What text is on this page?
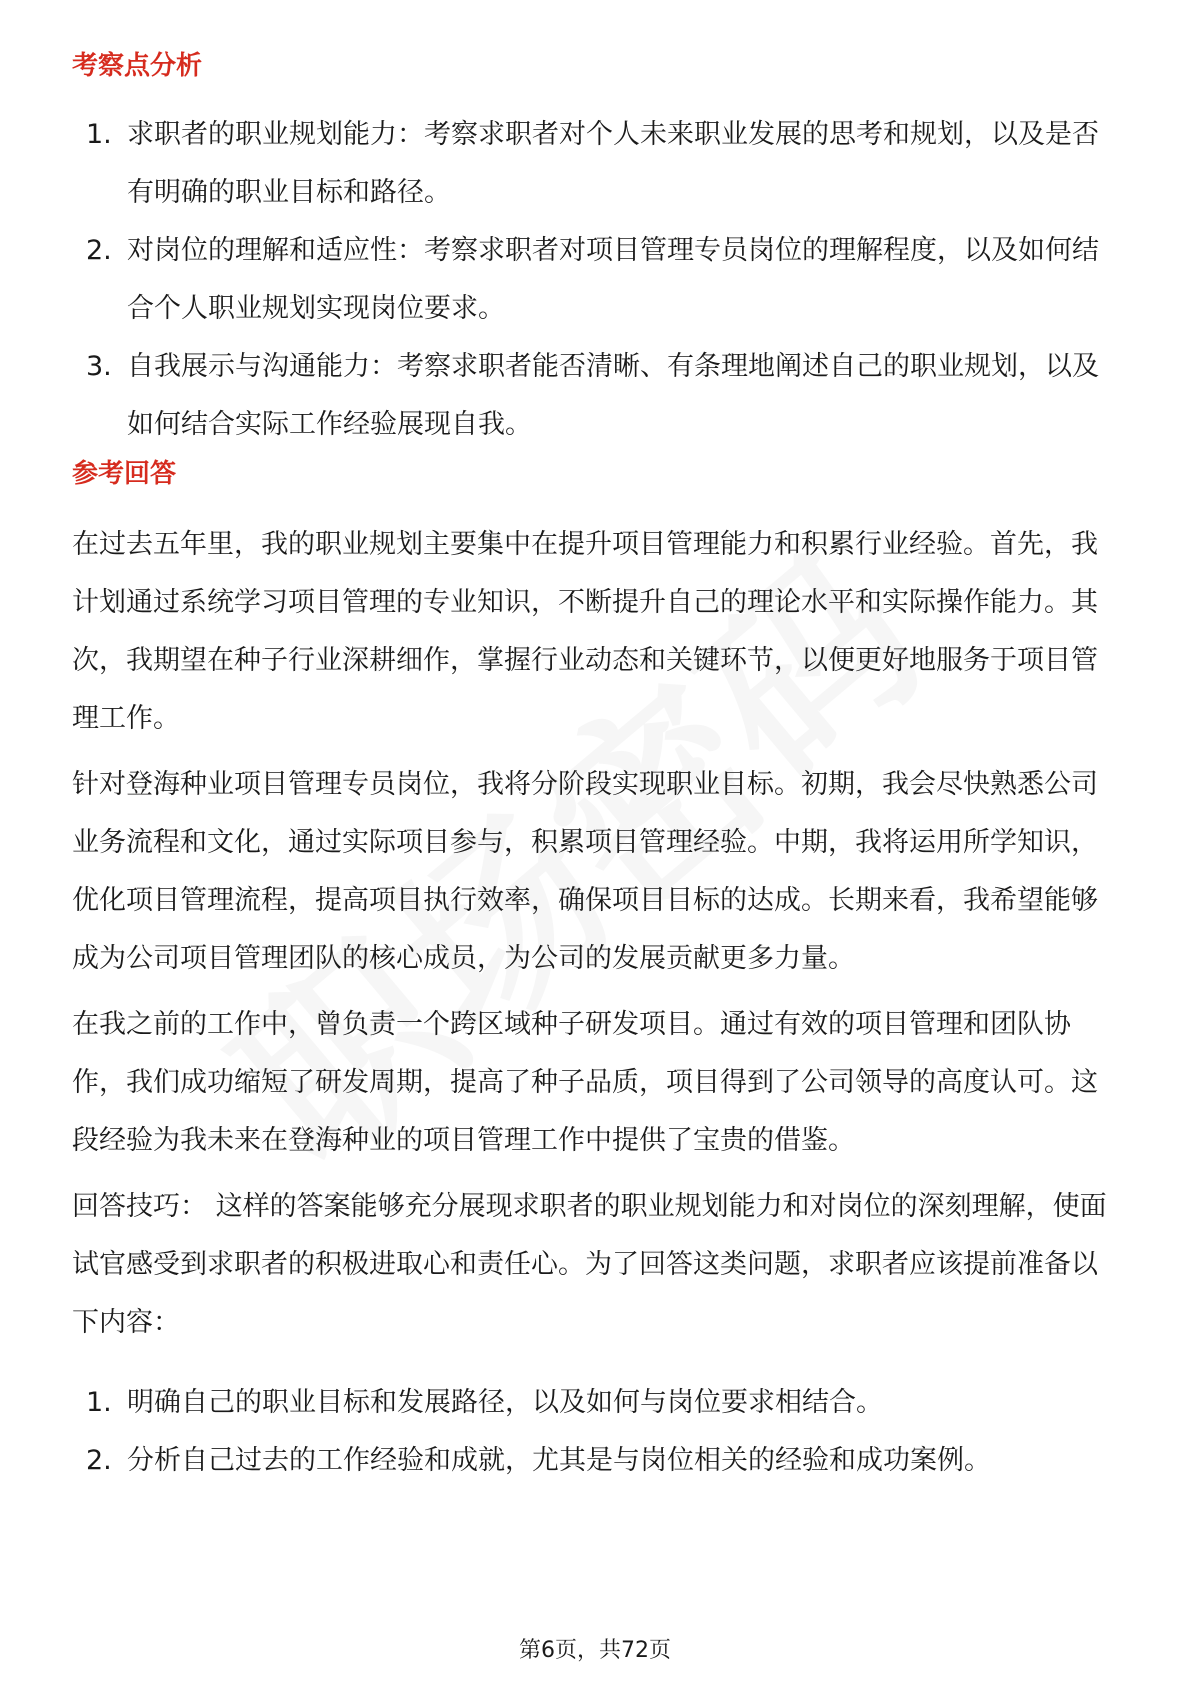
考察点分析
1. 求职者的职业规划能力：考察求职者对个人未来职业发展的思考和规划，以及是否有明确的职业目标和路径。
2. 对岗位的理解和适应性：考察求职者对项目管理专员岗位的理解程度，以及如何结合个人职业规划实现岗位要求。
3. 自我展示与沟通能力：考察求职者能否清晰、有条理地阐述自己的职业规划，以及如何结合实际工作经验展现自我。
参考回答

在过去五年里，我的职业规划主要集中在提升项目管理能力和积累行业经验。首先，我计划通过系统学习项目管理的专业知识，不断提升自己的理论水平和实际操作能力。其次，我期望在种子行业深耕细作，掌握行业动态和关键环节，以便更好地服务于项目管理工作。

针对登海种业项目管理专员岗位，我将分阶段实现职业目标。初期，我会尽快熟悉公司业务流程和文化，通过实际项目参与，积累项目管理经验。中期，我将运用所学知识，优化项目管理流程，提高项目执行效率，确保项目目标的达成。长期来看，我希望能够成为公司项目管理团队的核心成员，为公司的发展贡献更多力量。

在我之前的工作中，曾负责一个跨区域种子研发项目。通过有效的项目管理和团队协作，我们成功缩短了研发周期，提高了种子品质，项目得到了公司领导的高度认可。这段经验为我未来在登海种业的项目管理工作中提供了宝贵的借鉴。

回答技巧： 这样的答案能够充分展现求职者的职业规划能力和对岗位的深刻理解，使面试官感受到求职者的积极进取心和责任心。为了回答这类问题，求职者应该提前准备以下内容：

1. 明确自己的职业目标和发展路径，以及如何与岗位要求相结合。
2. 分析自己过去的工作经验和成就，尤其是与岗位相关的经验和成功案例。
第6页，共72页
